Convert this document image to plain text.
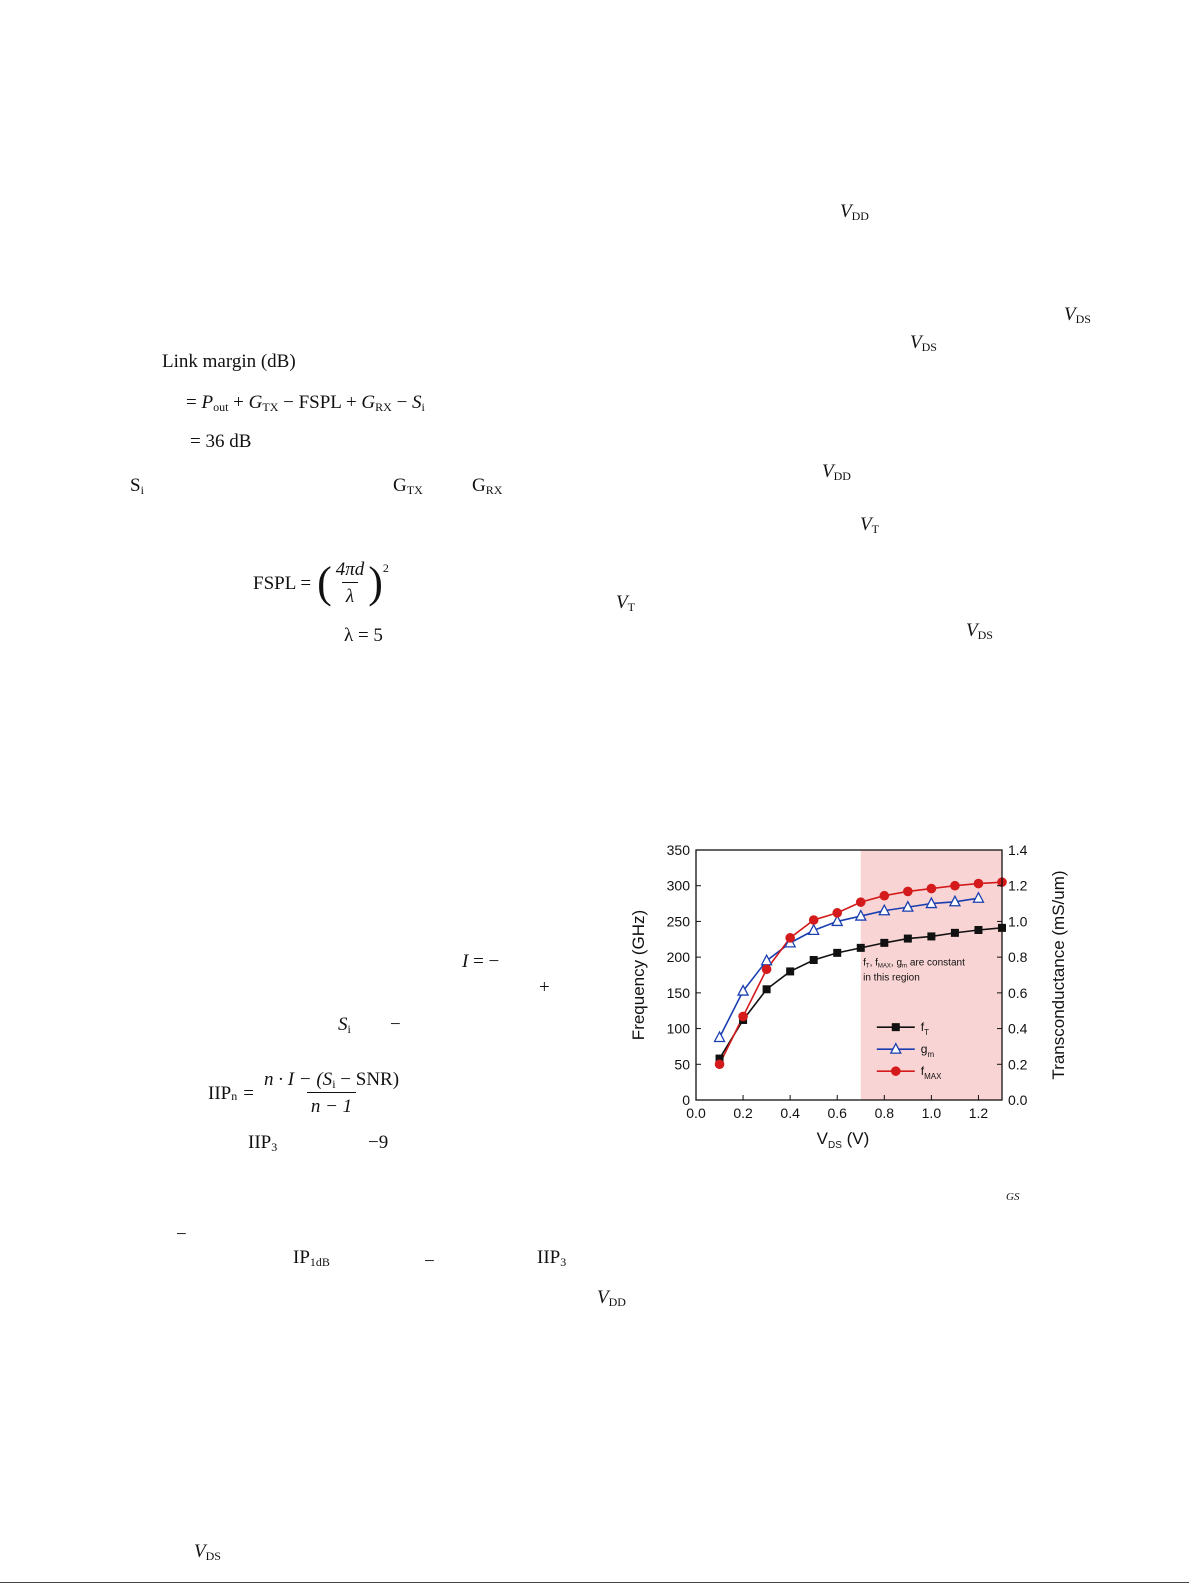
$V_{DD}$
$V_{DS}$
$V_{DS}$
$V_{DD}$
$V_T$
$V_T$
$V_{DS}$
GS
Link margin (dB)
= $P_{out} + G_{TX}$ − FSPL + $G_{RX} - S_i$
= 36 dB
$S_i$	$G_{TX}$	$G_{RX}$
FSPL = ( $\frac{4\pi d}{\lambda}$ ) 2
λ = 5
I = −
+
$S_i$ −
$IIP_n = \frac{n \cdot I - (S_i - SNR)}{n - 1}$
$IIP_3$	−9
−
$IP_{1dB}$	−	$IIP_3$
$V_{DD}$
$V_{DS}$
0.0 0.2 0.4 0.6 0.8 1.0 1.2
0
50
100
150
200
250
300
350
0.0
0.2
0.4
0.6
0.8
1.0
1.2
1.4
Frequency (GHz)	Transconductance (mS/um)
$V_{DS}$ (V)
$f_T$, $f_{MAX}$, $g_m$ are constant
in this region
$f_T$
$g_m$
$f_{MAX}$
